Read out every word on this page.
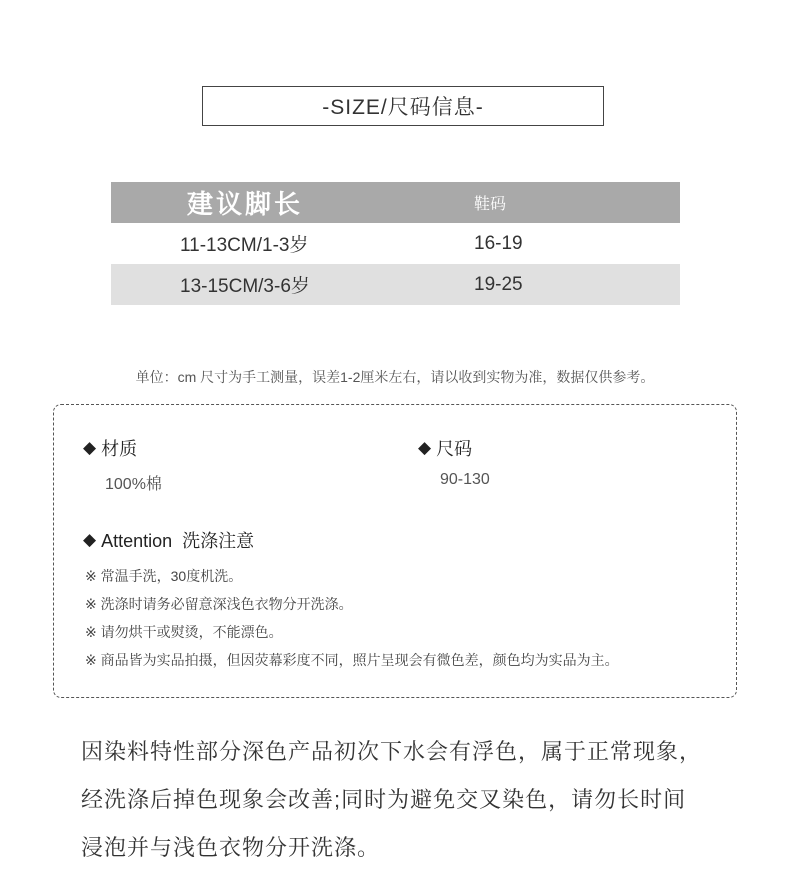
-SIZE/尺码信息-
建议脚长	鞋码
11-13CM/1-3岁	16-19
13-15CM/3-6岁	19-25
单位：cm 尺寸为手工测量，误差1-2厘米左右，请以收到实物为准，数据仅供参考。
◆ 材质
100%棉
◆ 尺码
90-130
◆ Attention  洗涤注意
※ 常温手洗，30度机洗。
※ 洗涤时请务必留意深浅色衣物分开洗涤。
※ 请勿烘干或熨烫，不能漂色。
※ 商品皆为实品拍摄，但因荧幕彩度不同，照片呈现会有微色差，颜色均为实品为主。
因染料特性部分深色产品初次下水会有浮色，属于正常现象，
经洗涤后掉色现象会改善;同时为避免交叉染色，请勿长时间
浸泡并与浅色衣物分开洗涤。
